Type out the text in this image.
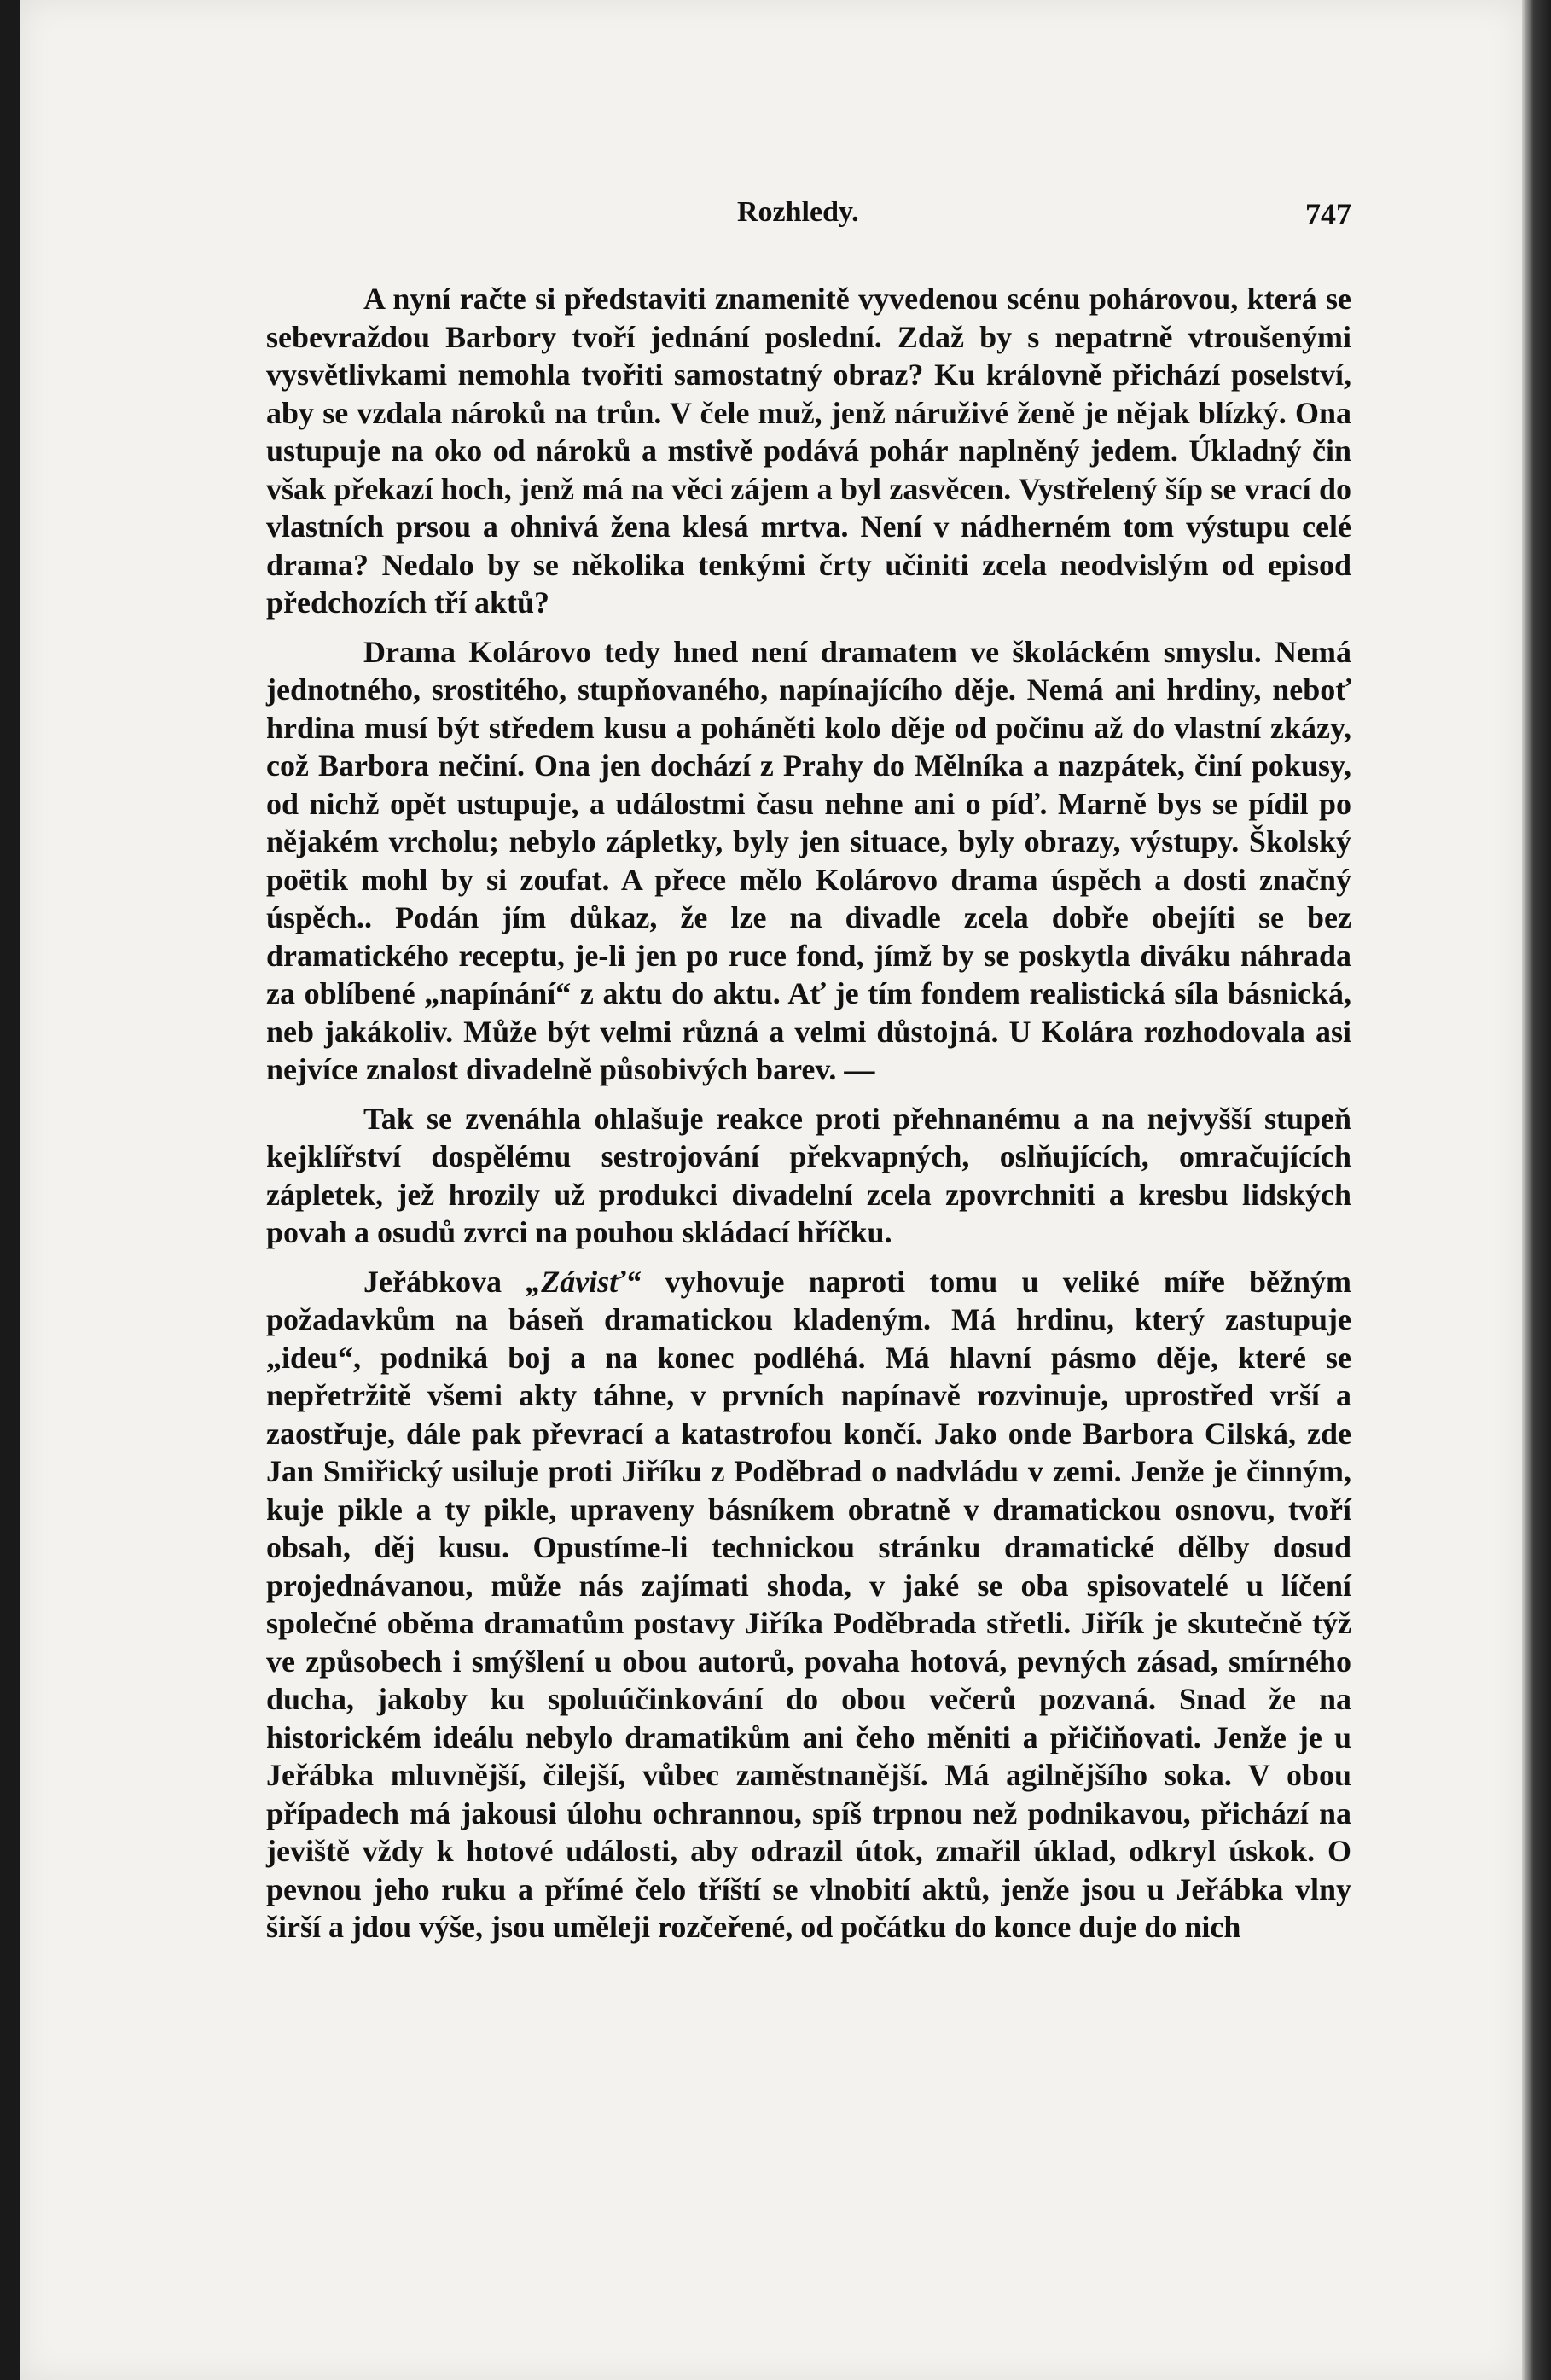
Rozhledy.	747

A nyní račte si představiti znamenitě vyvedenou scénu pohárovou, která se sebevraždou Barbory tvoří jednání poslední. Zdaž by s nepatrně vtroušenými vysvětlivkami nemohla tvořiti samostatný obraz? Ku královně přichází poselství, aby se vzdala nároků na trůn. V čele muž, jenž náruživé ženě je nějak blízký. Ona ustupuje na oko od nároků a mstivě podává pohár naplněný jedem. Úkladný čin však překazí hoch, jenž má na věci zájem a byl zasvěcen. Vystřelený šíp se vrací do vlastních prsou a ohnivá žena klesá mrtva. Není v nádherném tom výstupu celé drama? Nedalo by se několika tenkými črty učiniti zcela neodvislým od episod předchozích tří aktů?

Drama Kolárovo tedy hned není dramatem ve školáckém smyslu. Nemá jednotného, srostitého, stupňovaného, napínajícího děje. Nemá ani hrdiny, neboť hrdina musí být středem kusu a poháněti kolo děje od počinu až do vlastní zkázy, což Barbora nečiní. Ona jen dochází z Prahy do Mělníka a nazpátek, činí pokusy, od nichž opět ustupuje, a událostmi času nehne ani o píď. Marně bys se pídil po nějakém vrcholu; nebylo zápletky, byly jen situace, byly obrazy, výstupy. Školský poëtik mohl by si zoufat. A přece mělo Kolárovo drama úspěch a dosti značný úspěch.. Podán jím důkaz, že lze na divadle zcela dobře obejíti se bez dramatického receptu, je-li jen po ruce fond, jímž by se poskytla diváku náhrada za oblíbené „napínání“ z aktu do aktu. Ať je tím fondem realistická síla básnická, neb jakákoliv. Může být velmi různá a velmi důstojná. U Kolára rozhodovala asi nejvíce znalost divadelně působivých barev. —

Tak se zvenáhla ohlašuje reakce proti přehnanému a na nejvyšší stupeň kejklířství dospělému sestrojování překvapných, oslňujících, omračujících zápletek, jež hrozily už produkci divadelní zcela zpovrchniti a kresbu lidských povah a osudů zvrci na pouhou skládací hříčku.

Jeřábkova „Závisť“ vyhovuje naproti tomu u veliké míře běžným požadavkům na báseň dramatickou kladeným. Má hrdinu, který zastupuje „ideu“, podniká boj a na konec podléhá. Má hlavní pásmo děje, které se nepřetržitě všemi akty táhne, v prvních napínavě rozvinuje, uprostřed vrší a zaostřuje, dále pak převrací a katastrofou končí. Jako onde Barbora Cilská, zde Jan Smiřický usiluje proti Jiříku z Poděbrad o nadvládu v zemi. Jenže je činným, kuje pikle a ty pikle, upraveny básníkem obratně v dramatickou osnovu, tvoří obsah, děj kusu. Opustíme-li technickou stránku dramatické dělby dosud projednávanou, může nás zajímati shoda, v jaké se oba spisovatelé u líčení společné oběma dramatům postavy Jiříka Poděbrada střetli. Jiřík je skutečně týž ve způsobech i smýšlení u obou autorů, povaha hotová, pevných zásad, smírného ducha, jakoby ku spoluúčinkování do obou večerů pozvaná. Snad že na historickém ideálu nebylo dramatikům ani čeho měniti a přičiňovati. Jenže je u Jeřábka mluvnější, čilejší, vůbec zaměstnanější. Má agilnějšího soka. V obou případech má jakousi úlohu ochrannou, spíš trpnou než podnikavou, přichází na jeviště vždy k hotové události, aby odrazil útok, zmařil úklad, odkryl úskok. O pevnou jeho ruku a přímé čelo tříští se vlnobití aktů, jenže jsou u Jeřábka vlny širší a jdou výše, jsou uměleji rozčeřené, od počátku do konce duje do nich
